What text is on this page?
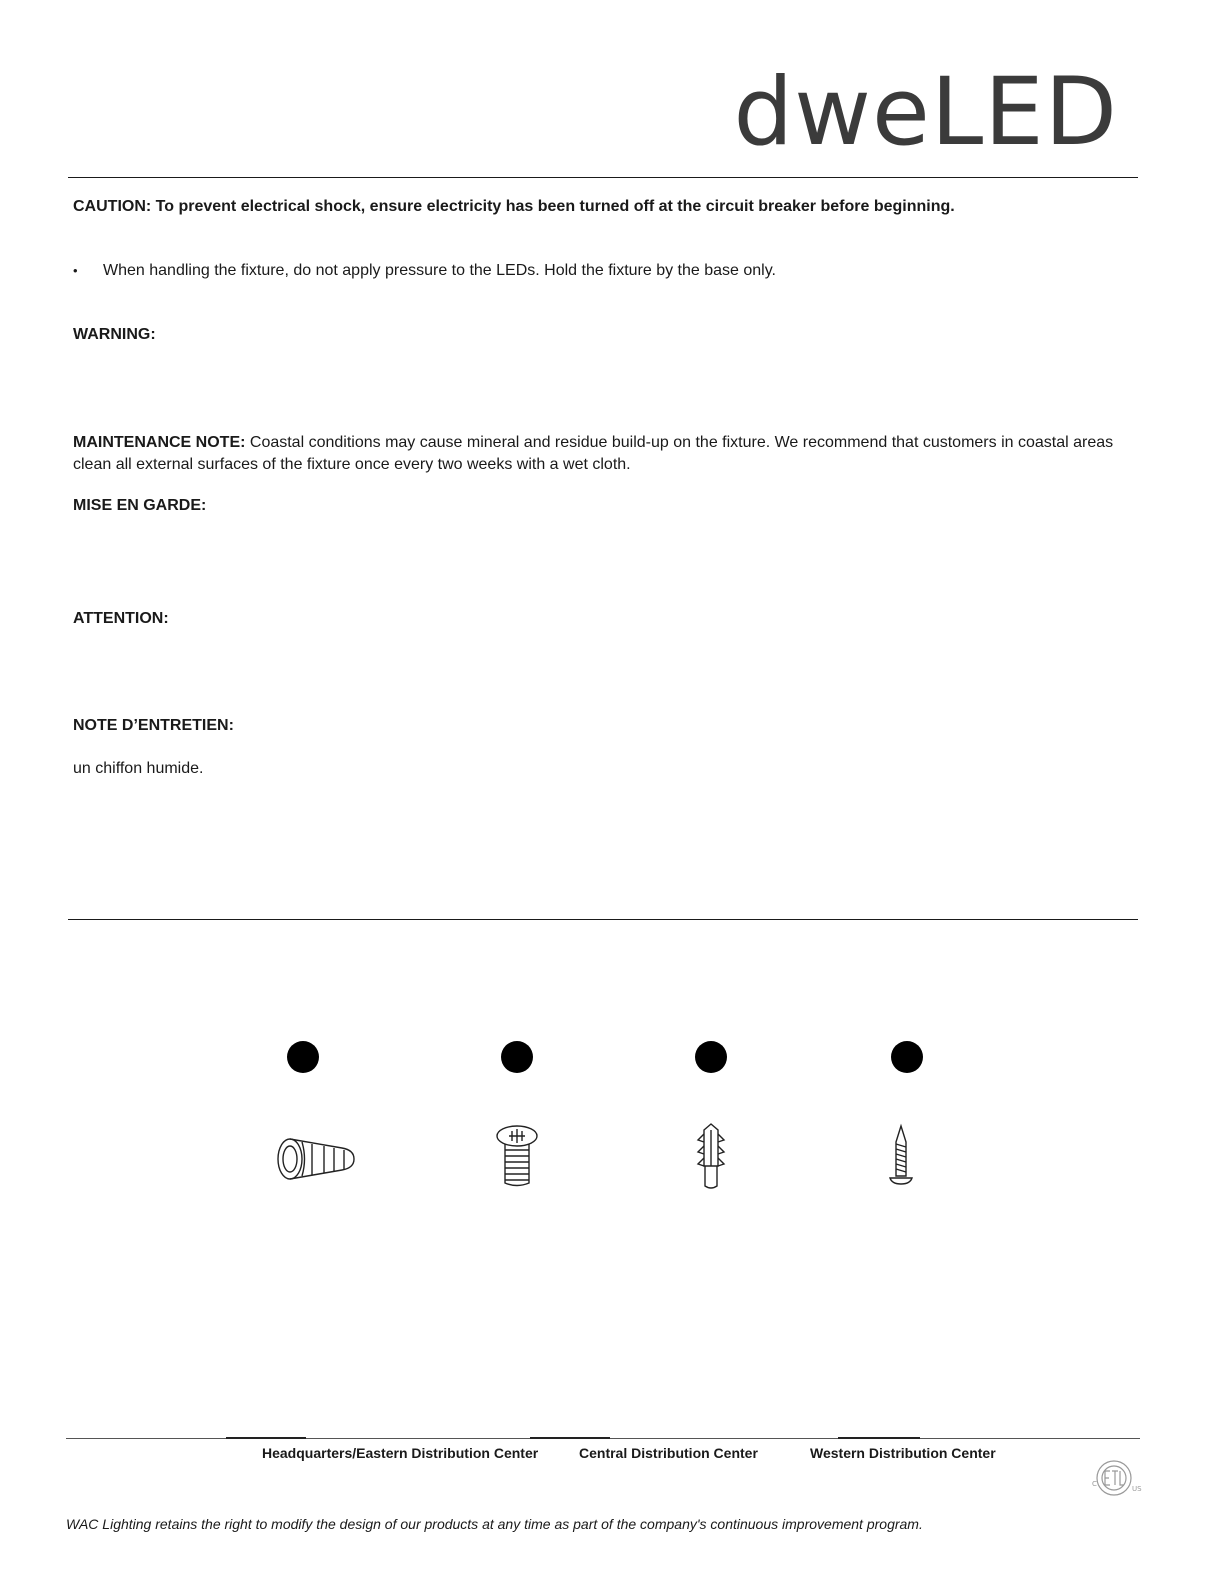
dweLED
CAUTION: To prevent electrical shock, ensure electricity has been turned off at the circuit breaker before beginning.
• When handling the fixture, do not apply pressure to the LEDs. Hold the fixture by the base only.
WARNING:
MAINTENANCE NOTE: Coastal conditions may cause mineral and residue build-up on the fixture. We recommend that customers in coastal areas clean all external surfaces of the fixture once every two weeks with a wet cloth.
MISE EN GARDE:
ATTENTION:
NOTE D’ENTRETIEN:
un chiffon humide.
Headquarters/Eastern Distribution Center	Central Distribution Center	Western Distribution Center
C
US
WAC Lighting retains the right to modify the design of our products at any time as part of the company's continuous improvement program.
